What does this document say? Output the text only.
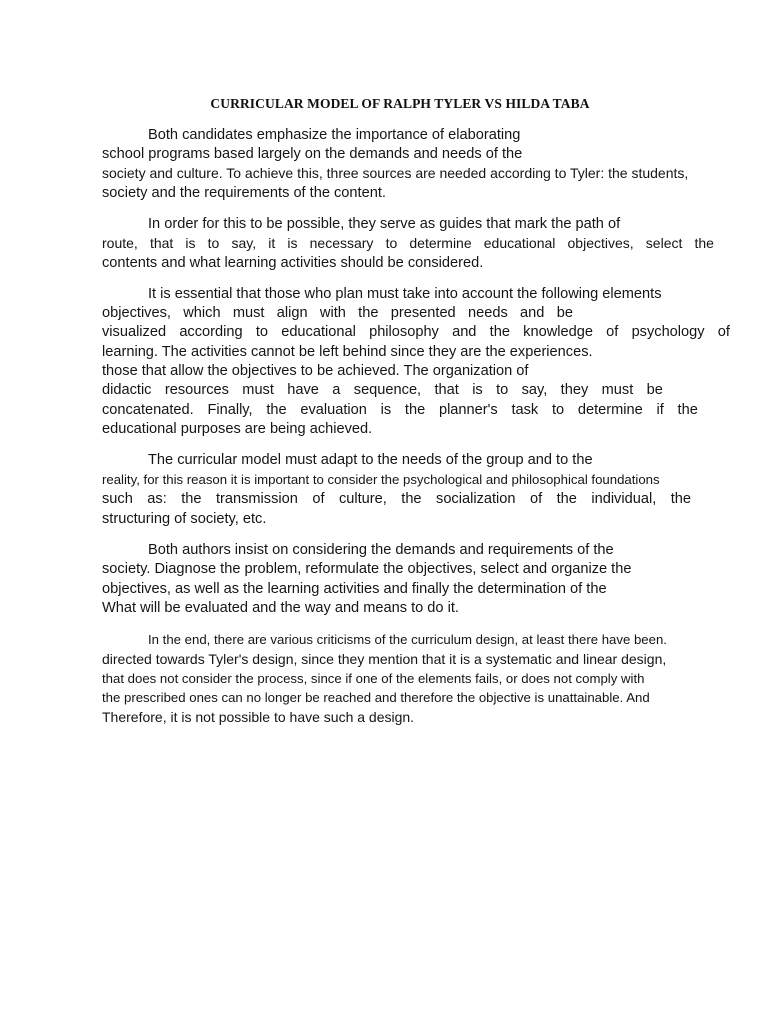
CURRICULAR MODEL OF RALPH TYLER VS HILDA TABA
Both candidates emphasize the importance of elaborating
school programs based largely on the demands and needs of the
society and culture. To achieve this, three sources are needed according to Tyler: the students,
society and the requirements of the content.
In order for this to be possible, they serve as guides that mark the path of
route, that is to say, it is necessary to determine educational objectives, select the
contents and what learning activities should be considered.
It is essential that those who plan must take into account the following elements
objectives, which must align with the presented needs and be
visualized according to educational philosophy and the knowledge of psychology of
learning. The activities cannot be left behind since they are the experiences.
those that allow the objectives to be achieved. The organization of
didactic resources must have a sequence, that is to say, they must be
concatenated. Finally, the evaluation is the planner's task to determine if the
educational purposes are being achieved.
The curricular model must adapt to the needs of the group and to the
reality, for this reason it is important to consider the psychological and philosophical foundations
such as: the transmission of culture, the socialization of the individual, the
structuring of society, etc.
Both authors insist on considering the demands and requirements of the
society. Diagnose the problem, reformulate the objectives, select and organize the
objectives, as well as the learning activities and finally the determination of the
What will be evaluated and the way and means to do it.
In the end, there are various criticisms of the curriculum design, at least there have been.
directed towards Tyler's design, since they mention that it is a systematic and linear design,
that does not consider the process, since if one of the elements fails, or does not comply with
the prescribed ones can no longer be reached and therefore the objective is unattainable. And
Therefore, it is not possible to have such a design.
